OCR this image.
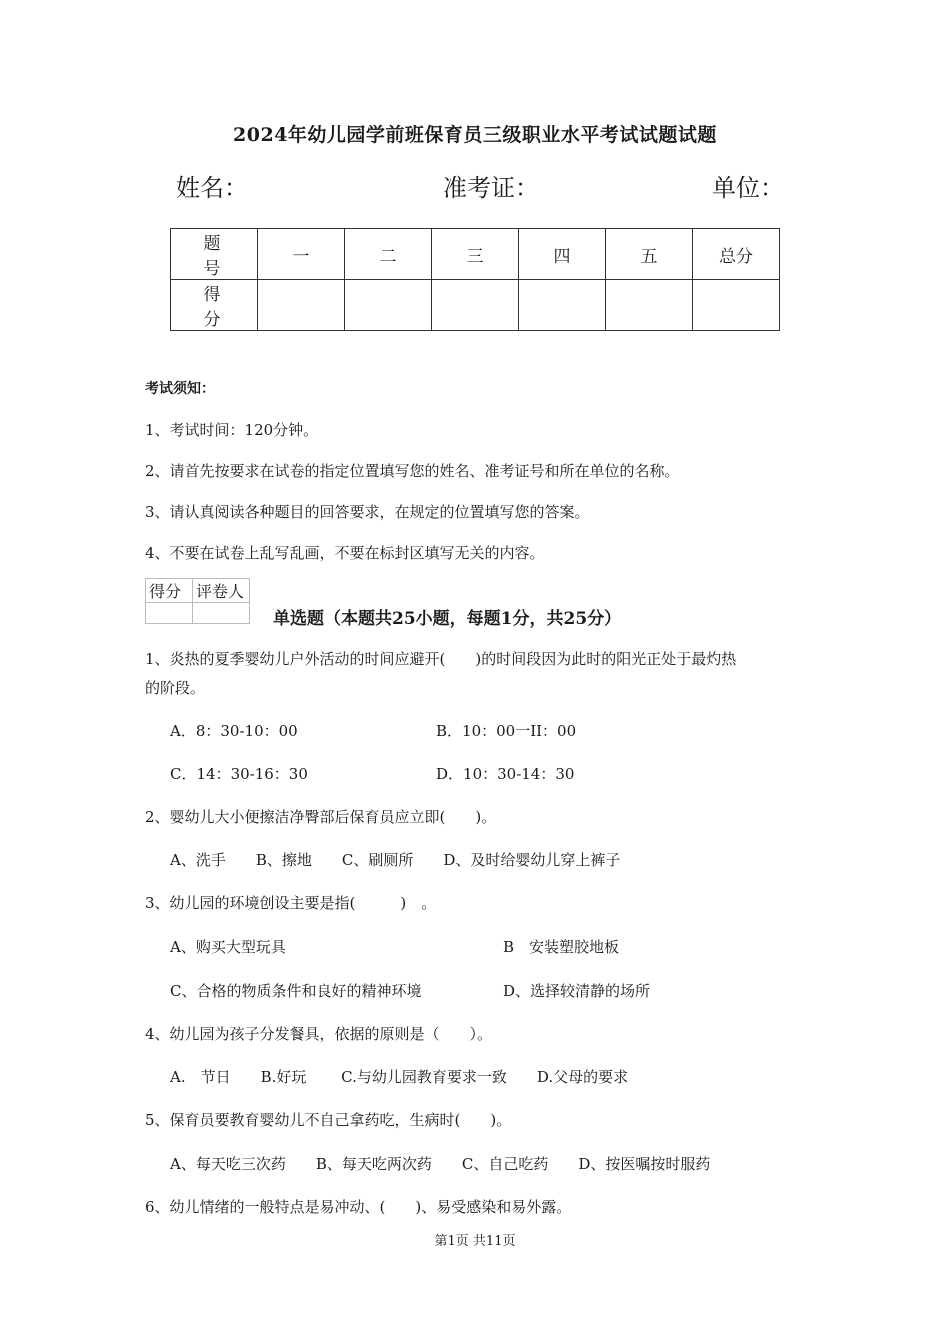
2024年幼儿园学前班保育员三级职业水平考试试题试题
姓名：	准考证：	单位：
题号	一	二	三	四	五	总分
得分						
考试须知：
1、考试时间：120分钟。
2、请首先按要求在试卷的指定位置填写您的姓名、准考证号和所在单位的名称。
3、请认真阅读各种题目的回答要求，在规定的位置填写您的答案。
4、不要在试卷上乱写乱画，不要在标封区填写无关的内容。
得分	评卷人

单选题（本题共25小题，每题1分，共25分）
1、炎热的夏季婴幼儿户外活动的时间应避开(　　)的时间段因为此时的阳光正处于最灼热
的阶段。
A．8：30-10：00	B．10：00一II：00
C．14：30-16：30	D．10：30-14：30
2、婴幼儿大小便擦洁净臀部后保育员应立即(　　)。
A、洗手　　B、擦地　　C、刷厕所　　D、及时给婴幼儿穿上裤子
3、幼儿园的环境创设主要是指(　　　)　。
A、购买大型玩具	B　安装塑胶地板
C、合格的物质条件和良好的精神环境	D、选择较清静的场所
4、幼儿园为孩子分发餐具，依据的原则是（　　）。
A.　节日　　B.好玩　　 C.与幼儿园教育要求一致　　D.父母的要求
5、保育员要教育婴幼儿不自己拿药吃，生病时(　　)。
A、每天吃三次药　　B、每天吃两次药　　C、自己吃药　　D、按医嘱按时服药
6、幼儿情绪的一般特点是易冲动、(　　)、易受感染和易外露。
第1页 共11页
